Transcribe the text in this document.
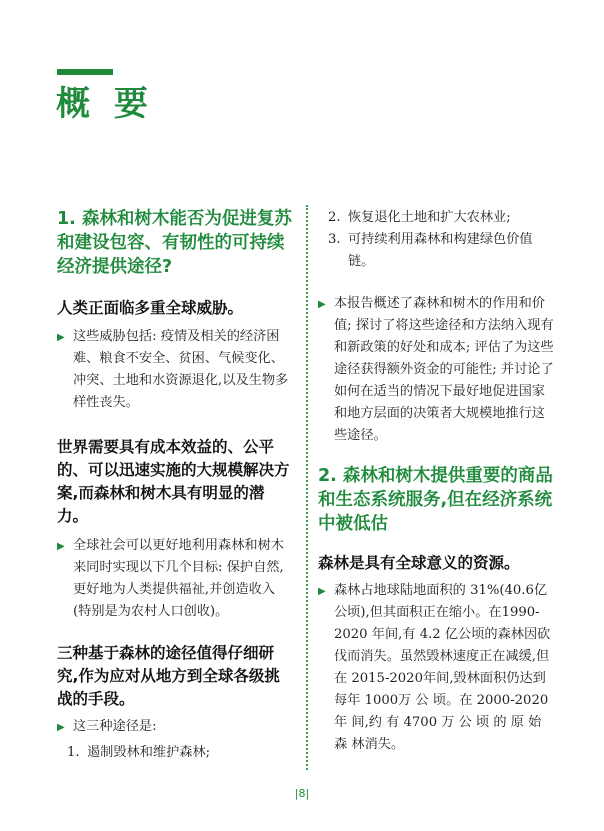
概 要
1. 森林和树木能否为促进复苏和建设包容、有韧性的可持续经济提供途径?
人类正面临多重全球威胁。

▶ 这些威胁包括: 疫情及相关的经济困难、粮食不安全、贫困、气候变化、冲突、土地和水资源退化,以及生物多样性丧失。

世界需要具有成本效益的、公平的、可以迅速实施的大规模解决方案,而森林和树木具有明显的潜力。

▶ 全球社会可以更好地利用森林和树木来同时实现以下几个目标: 保护自然,更好地为人类提供福祉,并创造收入(特别是为农村人口创收)。

三种基于森林的途径值得仔细研究,作为应对从地方到全球各级挑战的手段。

▶ 这三种途径是:

1. 遏制毁林和维护森林;

2. 恢复退化土地和扩大农林业;

3. 可持续利用森林和构建绿色价值链。

▶ 本报告概述了森林和树木的作用和价值; 探讨了将这些途径和方法纳入现有和新政策的好处和成本; 评估了为这些途径获得额外资金的可能性; 并讨论了如何在适当的情况下最好地促进国家和地方层面的决策者大规模地推行这些途径。

2. 森林和树木提供重要的商品和生态系统服务,但在经济系统中被低估
森林是具有全球意义的资源。

▶ 森林占地球陆地面积的 31%(40.6亿公顷),但其面积正在缩小。在1990-2020 年间,有 4.2 亿公顷的森林因砍伐而消失。虽然毁林速度正在减缓,但在 2015-2020年间,毁林面积仍达到每年 1000万 公 顷。在 2000-2020 年 间,约 有 4700 万 公 顷 的 原 始 森 林消失。

|8|
